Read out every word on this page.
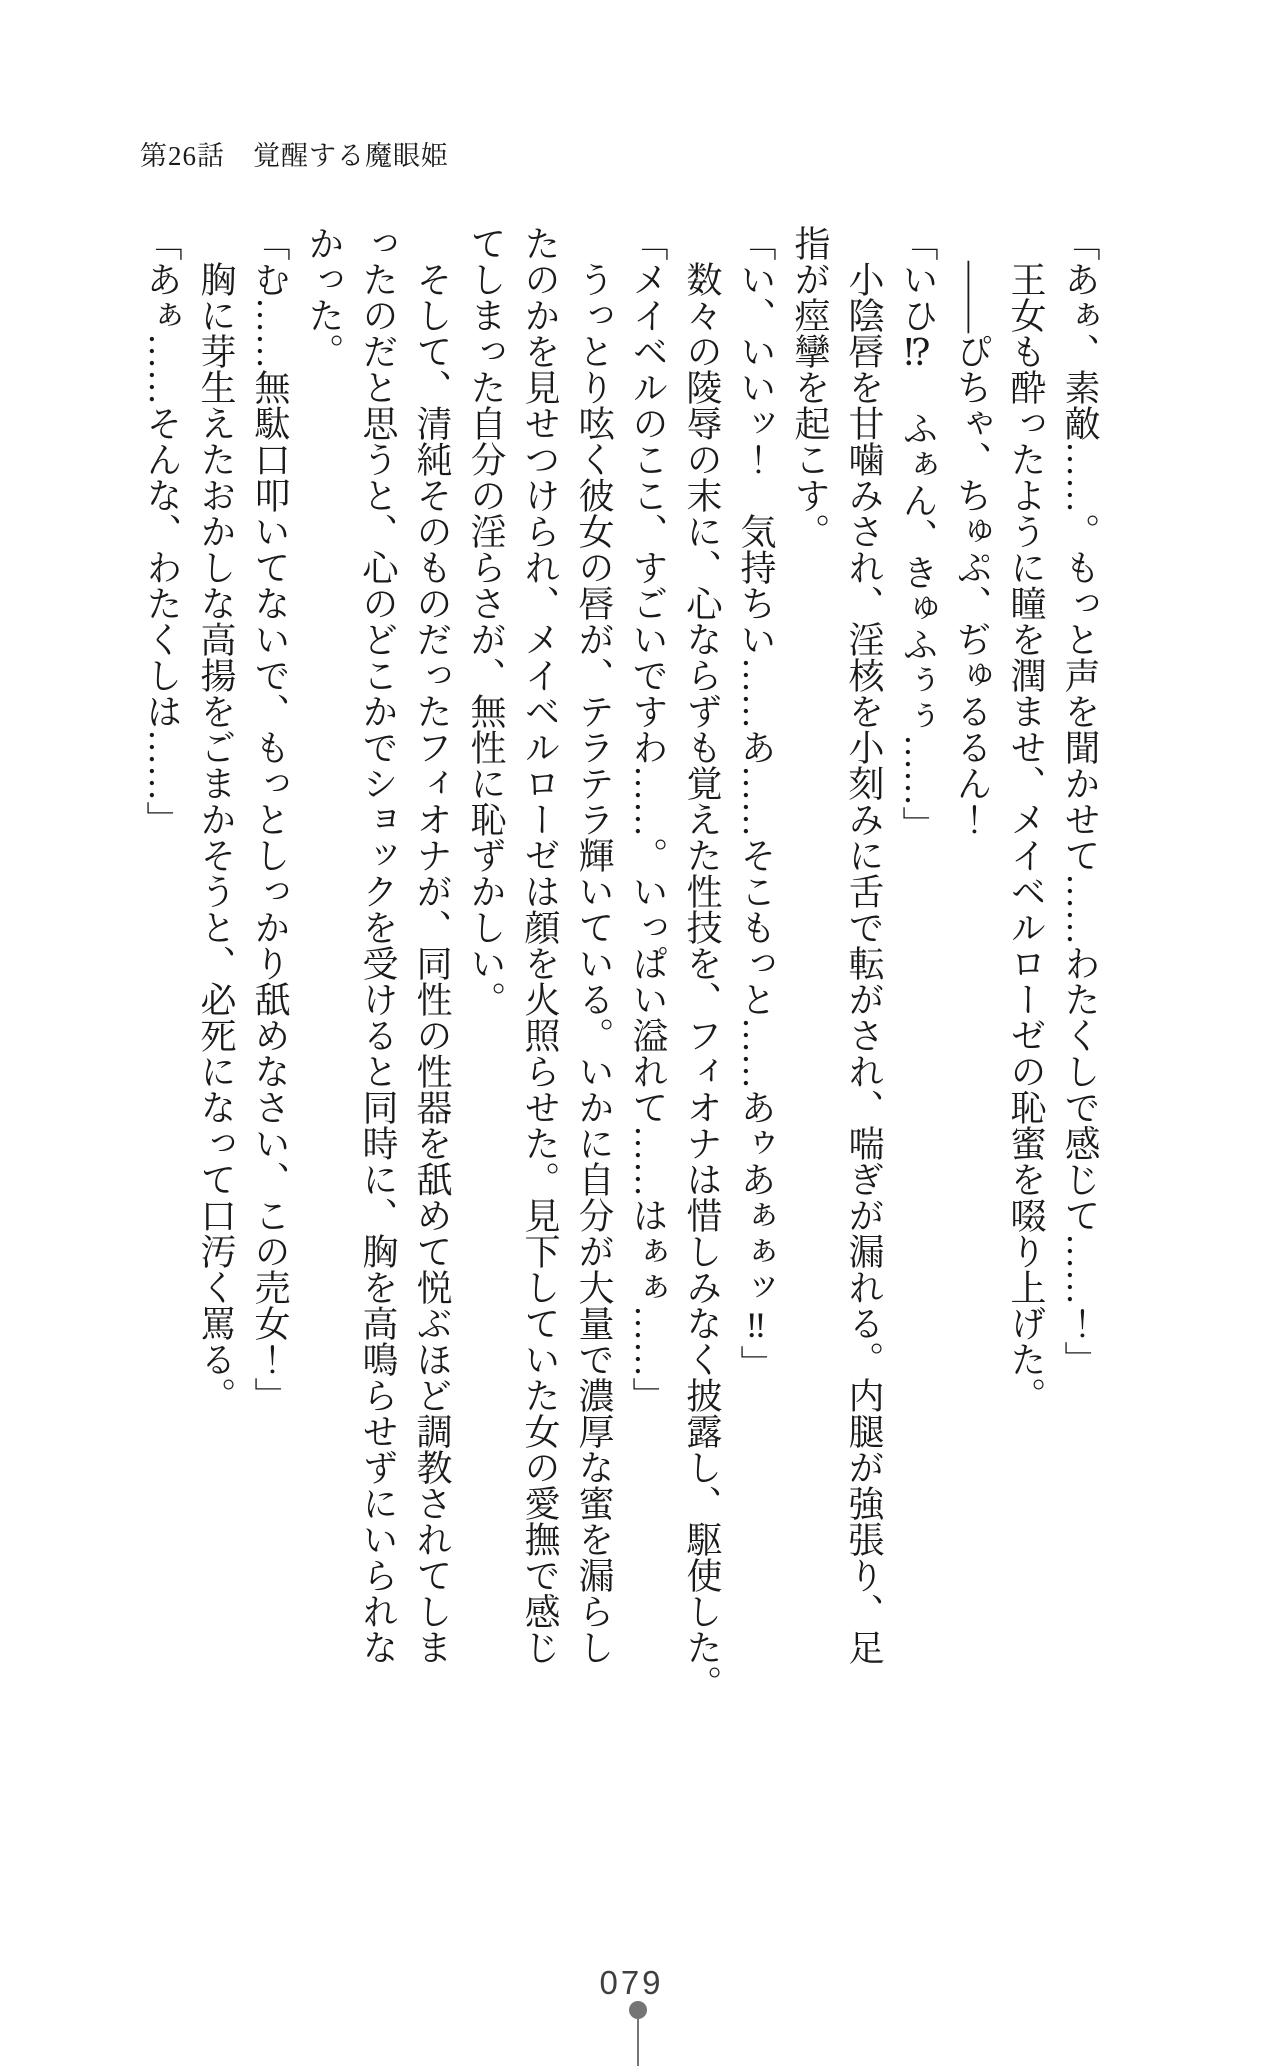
第26話　覚醒する魔眼姫
「あぁ、素敵……。もっと声を聞かせて……わたくしで感じて……！」
王女も酔ったように瞳を潤ませ、メイベルローゼの恥蜜を啜り上げた。
――ぴちゃ、ちゅぷ、ぢゅるるん！
「いひ⁉　ふぁん、きゅふぅぅ……」
小陰唇を甘噛みされ、淫核を小刻みに舌で転がされ、喘ぎが漏れる。内腿が強張り、足
指が痙攣を起こす。
「い、いいッ！　気持ちい……あ……そこもっと……あゥあぁぁッ‼」
数々の陵辱の末に、心ならずも覚えた性技を、フィオナは惜しみなく披露し、駆使した。
「メイベルのここ、すごいですわ……。いっぱい溢れて……はぁぁ……」
うっとり呟く彼女の唇が、テラテラ輝いている。いかに自分が大量で濃厚な蜜を漏らし
たのかを見せつけられ、メイベルローゼは顔を火照らせた。見下していた女の愛撫で感じ
てしまった自分の淫らさが、無性に恥ずかしい。
そして、清純そのものだったフィオナが、同性の性器を舐めて悦ぶほど調教されてしま
ったのだと思うと、心のどこかでショックを受けると同時に、胸を高鳴らせずにいられな
かった。
「む……無駄口叩いてないで、もっとしっかり舐めなさい、この売女！」
胸に芽生えたおかしな高揚をごまかそうと、必死になって口汚く罵る。
「あぁ……そんな、わたくしは……」
079
